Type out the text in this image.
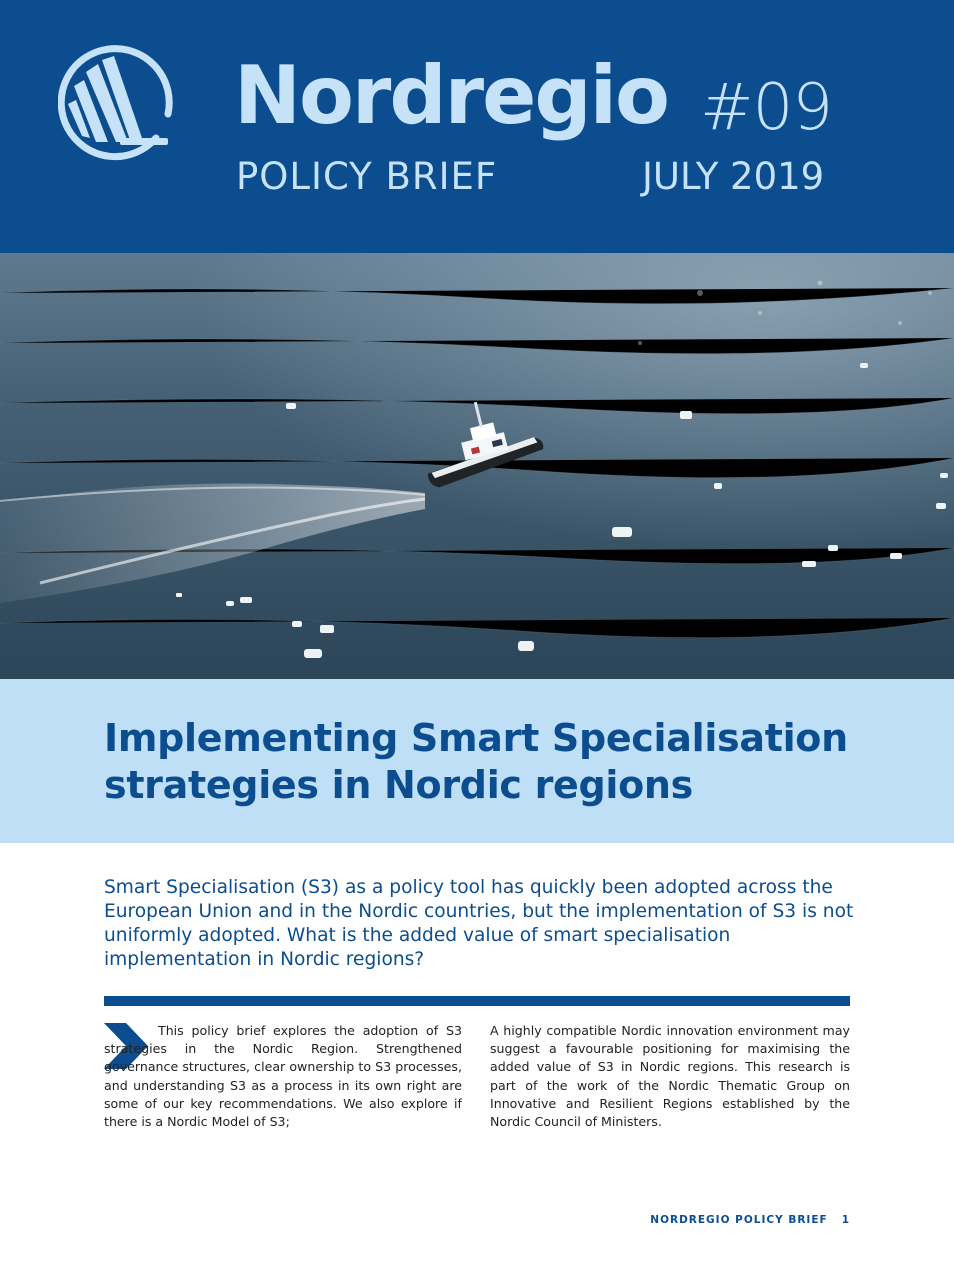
Nordregio #09
POLICY BRIEF	JULY 2019
Implementing Smart Specialisation strategies in Nordic regions

Smart Specialisation (S3) as a policy tool has quickly been adopted across the European Union and in the Nordic countries, but the implementation of S3 is not uniformly adopted. What is the added value of smart specialisation implementation in Nordic regions?

This policy brief explores the adoption of S3 strategies in the Nordic Region. Strengthened governance structures, clear ownership to S3 processes, and understanding S3 as a process in its own right are some of our key recommendations. We also explore if there is a Nordic Model of S3;

A highly compatible Nordic innovation environment may suggest a favourable positioning for maximising the added value of S3 in Nordic regions. This research is part of the work of the Nordic Thematic Group on Innovative and Resilient Regions established by the Nordic Council of Ministers.

NORDREGIO POLICY BRIEF 1
